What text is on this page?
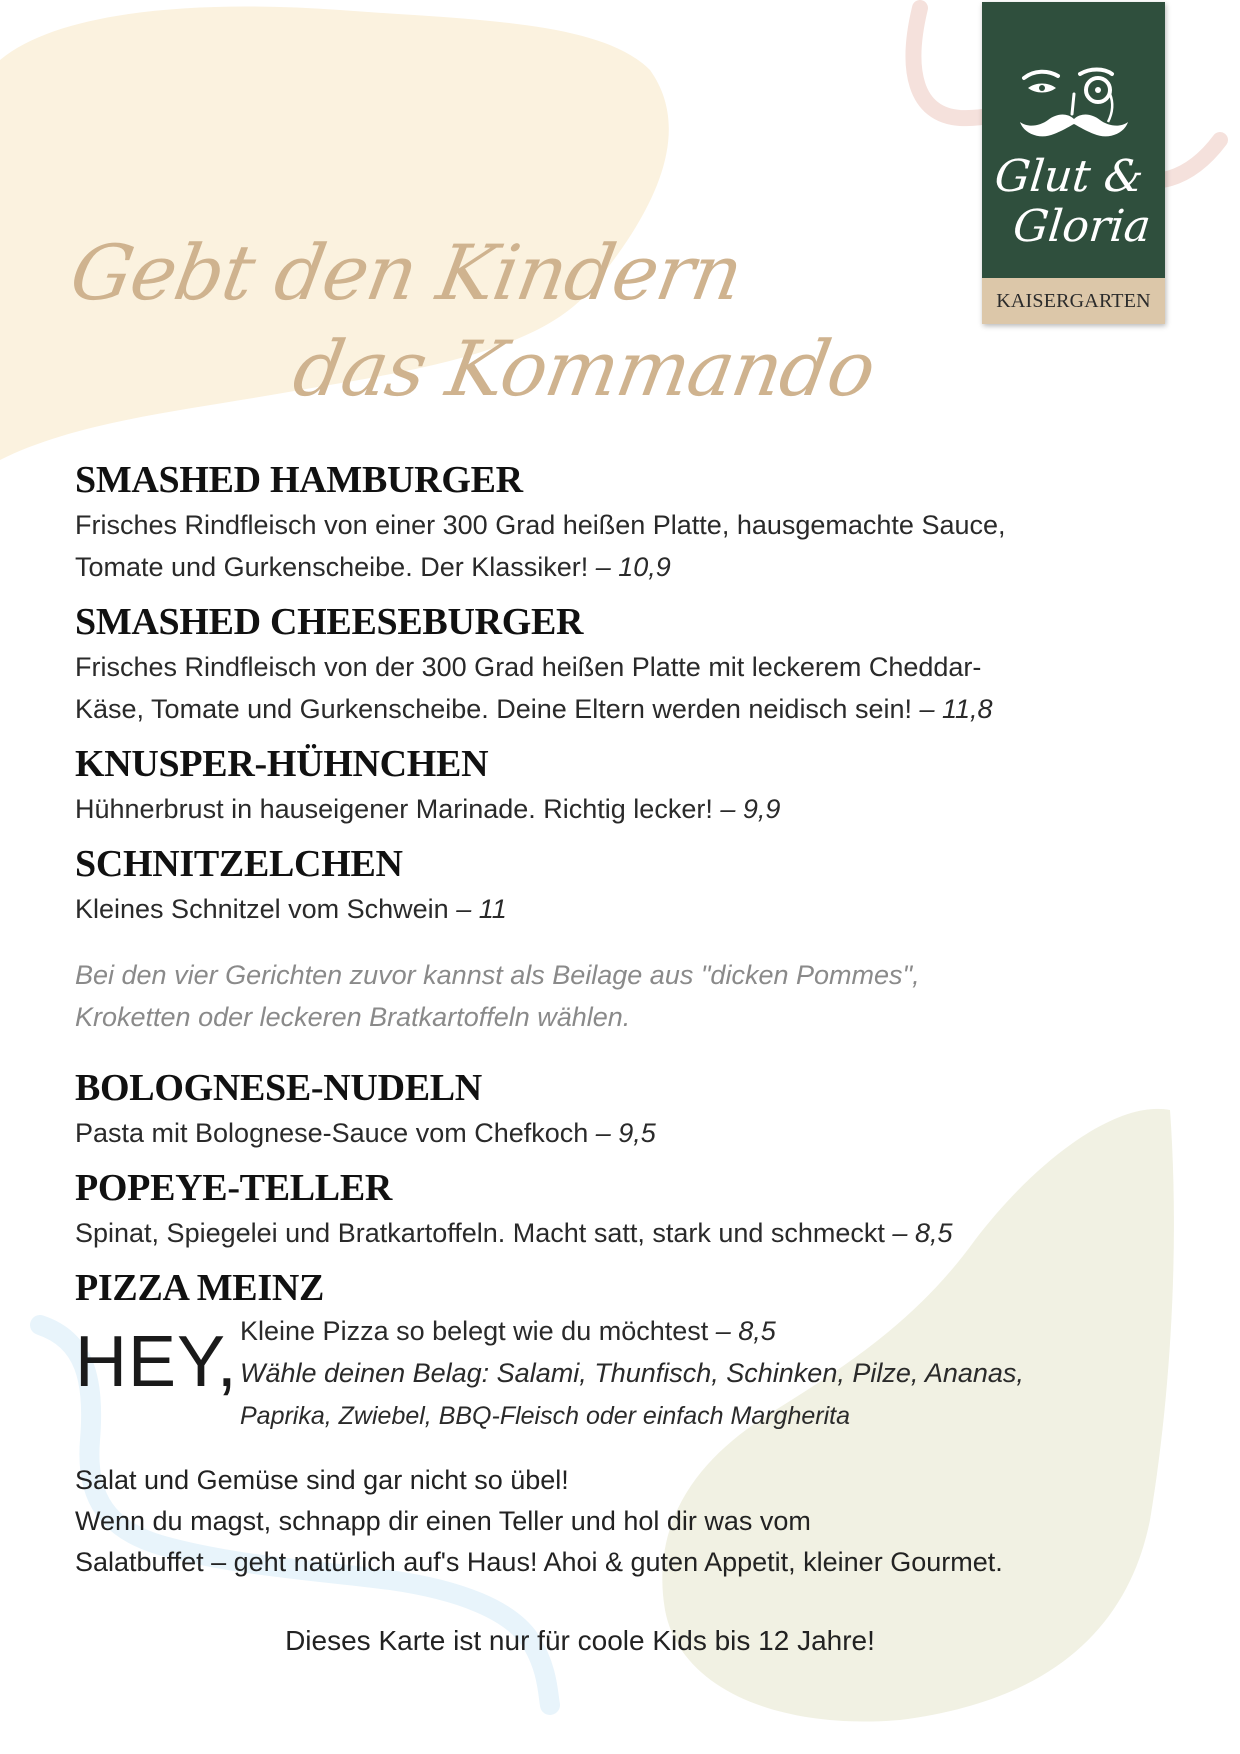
Glut &
Gloria
KAISERGARTEN
Gebt den Kindern
das Kommando
SMASHED HAMBURGER

Frisches Rindfleisch von einer 300 Grad heißen Platte, hausgemachte Sauce,
Tomate und Gurkenscheibe. Der Klassiker! – 10,9

SMASHED CHEESEBURGER

Frisches Rindfleisch von der 300 Grad heißen Platte mit leckerem Cheddar-
Käse, Tomate und Gurkenscheibe. Deine Eltern werden neidisch sein! – 11,8

KNUSPER-HÜHNCHEN

Hühnerbrust in hauseigener Marinade. Richtig lecker! – 9,9

SCHNITZELCHEN

Kleines Schnitzel vom Schwein – 11

Bei den vier Gerichten zuvor kannst als Beilage aus "dicken Pommes",
Kroketten oder leckeren Bratkartoffeln wählen.

BOLOGNESE-NUDELN

Pasta mit Bolognese-Sauce vom Chefkoch – 9,5

POPEYE-TELLER

Spinat, Spiegelei und Bratkartoffeln. Macht satt, stark und schmeckt – 8,5

PIZZA MEINZ
HEY, Kleine Pizza so belegt wie du möchtest – 8,5
Wähle deinen Belag: Salami, Thunfisch, Schinken, Pilze, Ananas,
Paprika, Zwiebel, BBQ-Fleisch oder einfach Margherita

Salat und Gemüse sind gar nicht so übel!

Wenn du magst, schnapp dir einen Teller und hol dir was vom

Salatbuffet – geht natürlich auf's Haus! Ahoi & guten Appetit, kleiner Gourmet.

Dieses Karte ist nur für coole Kids bis 12 Jahre!
